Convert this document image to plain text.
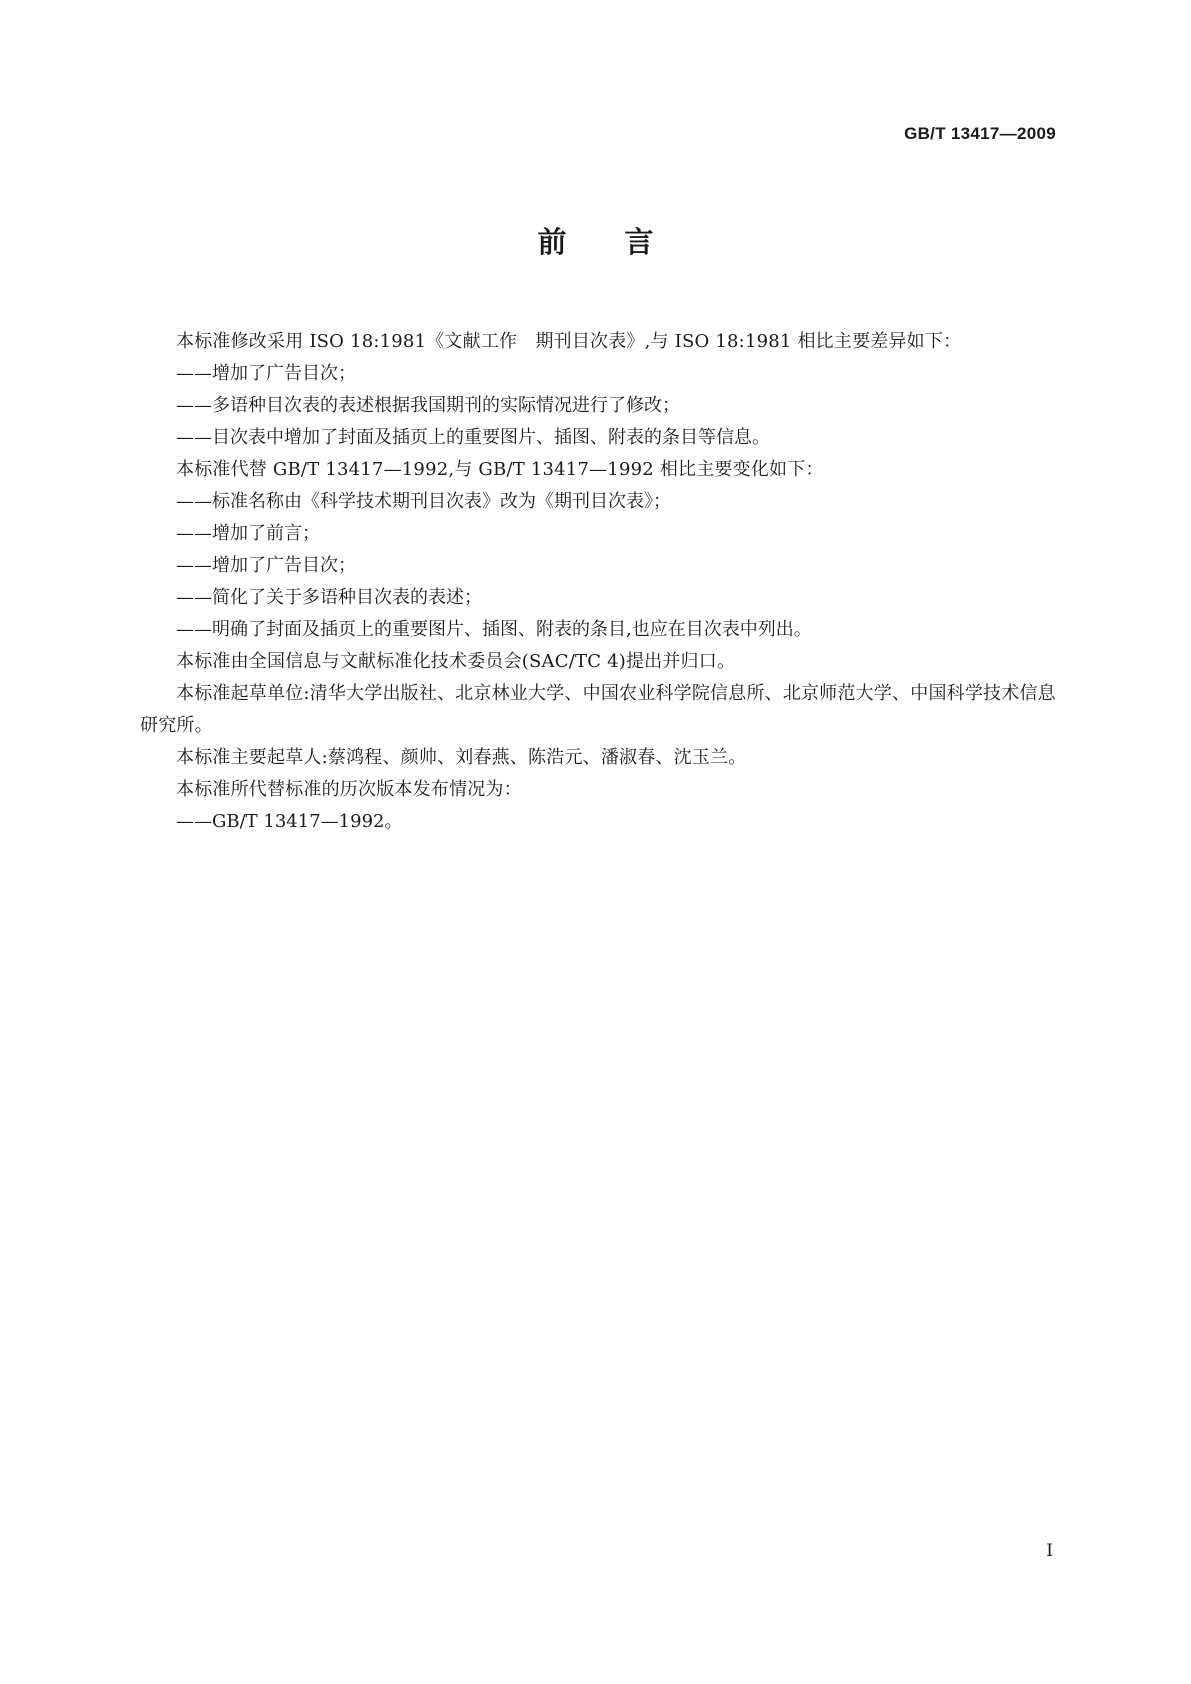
GB/T 13417—2009
前言

本标准修改采用 ISO 18:1981《文献工作　期刊目次表》,与 ISO 18:1981 相比主要差异如下：

——增加了广告目次；

——多语种目次表的表述根据我国期刊的实际情况进行了修改；

——目次表中增加了封面及插页上的重要图片、插图、附表的条目等信息。

本标准代替 GB/T 13417—1992,与 GB/T 13417—1992 相比主要变化如下：

——标准名称由《科学技术期刊目次表》改为《期刊目次表》；

——增加了前言；

——增加了广告目次；

——简化了关于多语种目次表的表述；

——明确了封面及插页上的重要图片、插图、附表的条目,也应在目次表中列出。

本标准由全国信息与文献标准化技术委员会(SAC/TC 4)提出并归口。

本标准起草单位:清华大学出版社、北京林业大学、中国农业科学院信息所、北京师范大学、中国科学技术信息研究所。

本标准主要起草人:蔡鸿程、颜帅、刘春燕、陈浩元、潘淑春、沈玉兰。

本标准所代替标准的历次版本发布情况为：

——GB/T 13417—1992。

I
